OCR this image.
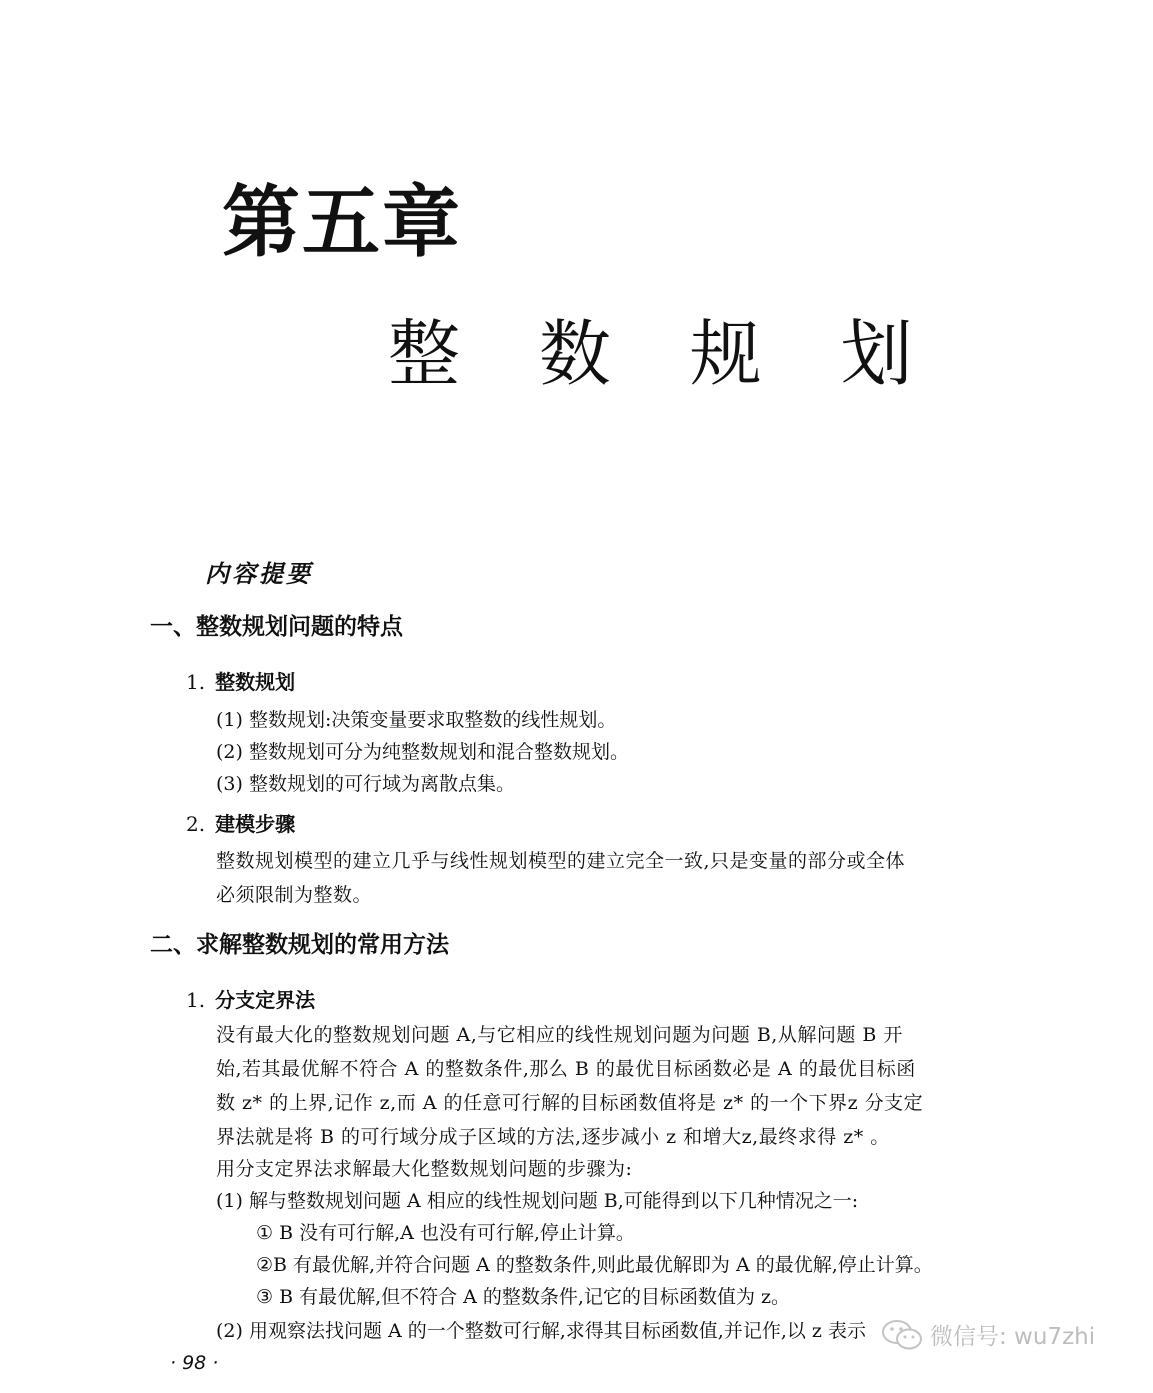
第五章
整 数 规 划
内容提要
一、整数规划问题的特点
1. 整数规划
(1) 整数规划:决策变量要求取整数的线性规划。
(2) 整数规划可分为纯整数规划和混合整数规划。
(3) 整数规划的可行域为离散点集。
2. 建模步骤
整数规划模型的建立几乎与线性规划模型的建立完全一致,只是变量的部分或全体
必须限制为整数。
二、求解整数规划的常用方法
1. 分支定界法
没有最大化的整数规划问题 A,与它相应的线性规划问题为问题 B,从解问题 B 开
始,若其最优解不符合 A 的整数条件,那么 B 的最优目标函数必是 A 的最优目标函
数 z* 的上界,记作 z,而 A 的任意可行解的目标函数值将是 z* 的一个下界z 分支定
界法就是将 B 的可行域分成子区域的方法,逐步减小 z 和增大z,最终求得 z* 。
用分支定界法求解最大化整数规划问题的步骤为:
(1) 解与整数规划问题 A 相应的线性规划问题 B,可能得到以下几种情况之一:
① B 没有可行解,A 也没有可行解,停止计算。
②B 有最优解,并符合问题 A 的整数条件,则此最优解即为 A 的最优解,停止计算。
③ B 有最优解,但不符合 A 的整数条件,记它的目标函数值为 z。
(2) 用观察法找问题 A 的一个整数可行解,求得其目标函数值,并记作,以 z 表示
· 98 ·
微信号: wu7zhi
